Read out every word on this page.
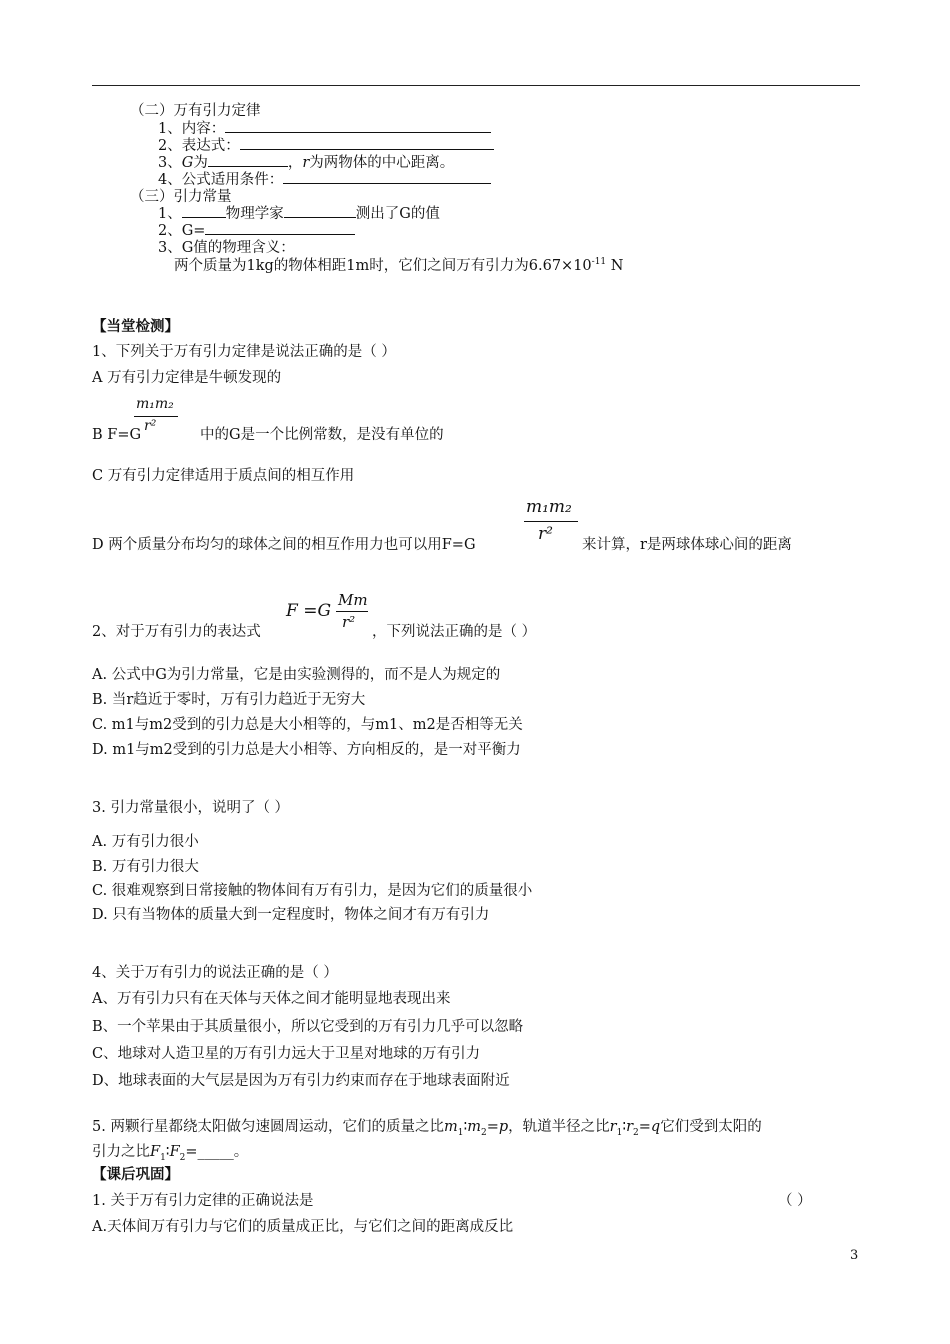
（二）万有引力定律
1、内容：
2、表达式：
3、G为	，r为两物体的中心距离。
4、公式适用条件：
（三）引力常量
1、	物理学家	测出了G的值
2、G=
3、G值的物理含义：
两个质量为1kg的物体相距1m时，它们之间万有引力为$6.67\times 10^{-11}$ N
【当堂检测】
1、下列关于万有引力定律是说法正确的是（ ）
A 万有引力定律是牛顿发现的
B F=G
m₁m₂
r²
中的G是一个比例常数，是没有单位的
C 万有引力定律适用于质点间的相互作用
D 两个质量分布均匀的球体之间的相互作用力也可以用F=G
m₁m₂
r²
来计算，r是两球体球心间的距离
2、对于万有引力的表达式
F =G
Mm
r²
，下列说法正确的是（ ）
A. 公式中G为引力常量，它是由实验测得的，而不是人为规定的
B. 当r趋近于零时，万有引力趋近于无穷大
C. m1与m2受到的引力总是大小相等的，与m1、m2是否相等无关
D. m1与m2受到的引力总是大小相等、方向相反的，是一对平衡力
3. 引力常量很小，说明了（ ）
A. 万有引力很小
B. 万有引力很大
C. 很难观察到日常接触的物体间有万有引力，是因为它们的质量很小
D. 只有当物体的质量大到一定程度时，物体之间才有万有引力
4、关于万有引力的说法正确的是（ ）
A、万有引力只有在天体与天体之间才能明显地表现出来
B、一个苹果由于其质量很小，所以它受到的万有引力几乎可以忽略
C、地球对人造卫星的万有引力远大于卫星对地球的万有引力
D、地球表面的大气层是因为万有引力约束而存在于地球表面附近
5. 两颗行星都绕太阳做匀速圆周运动，它们的质量之比$m_1∶m_2=p$，轨道半径之比$r_1∶r_2=q$它们受到太阳的
引力之比$F_1∶F_2=\_\_\_\_\_$。
【课后巩固】
1. 关于万有引力定律的正确说法是	（ ）
A.天体间万有引力与它们的质量成正比，与它们之间的距离成反比
3
